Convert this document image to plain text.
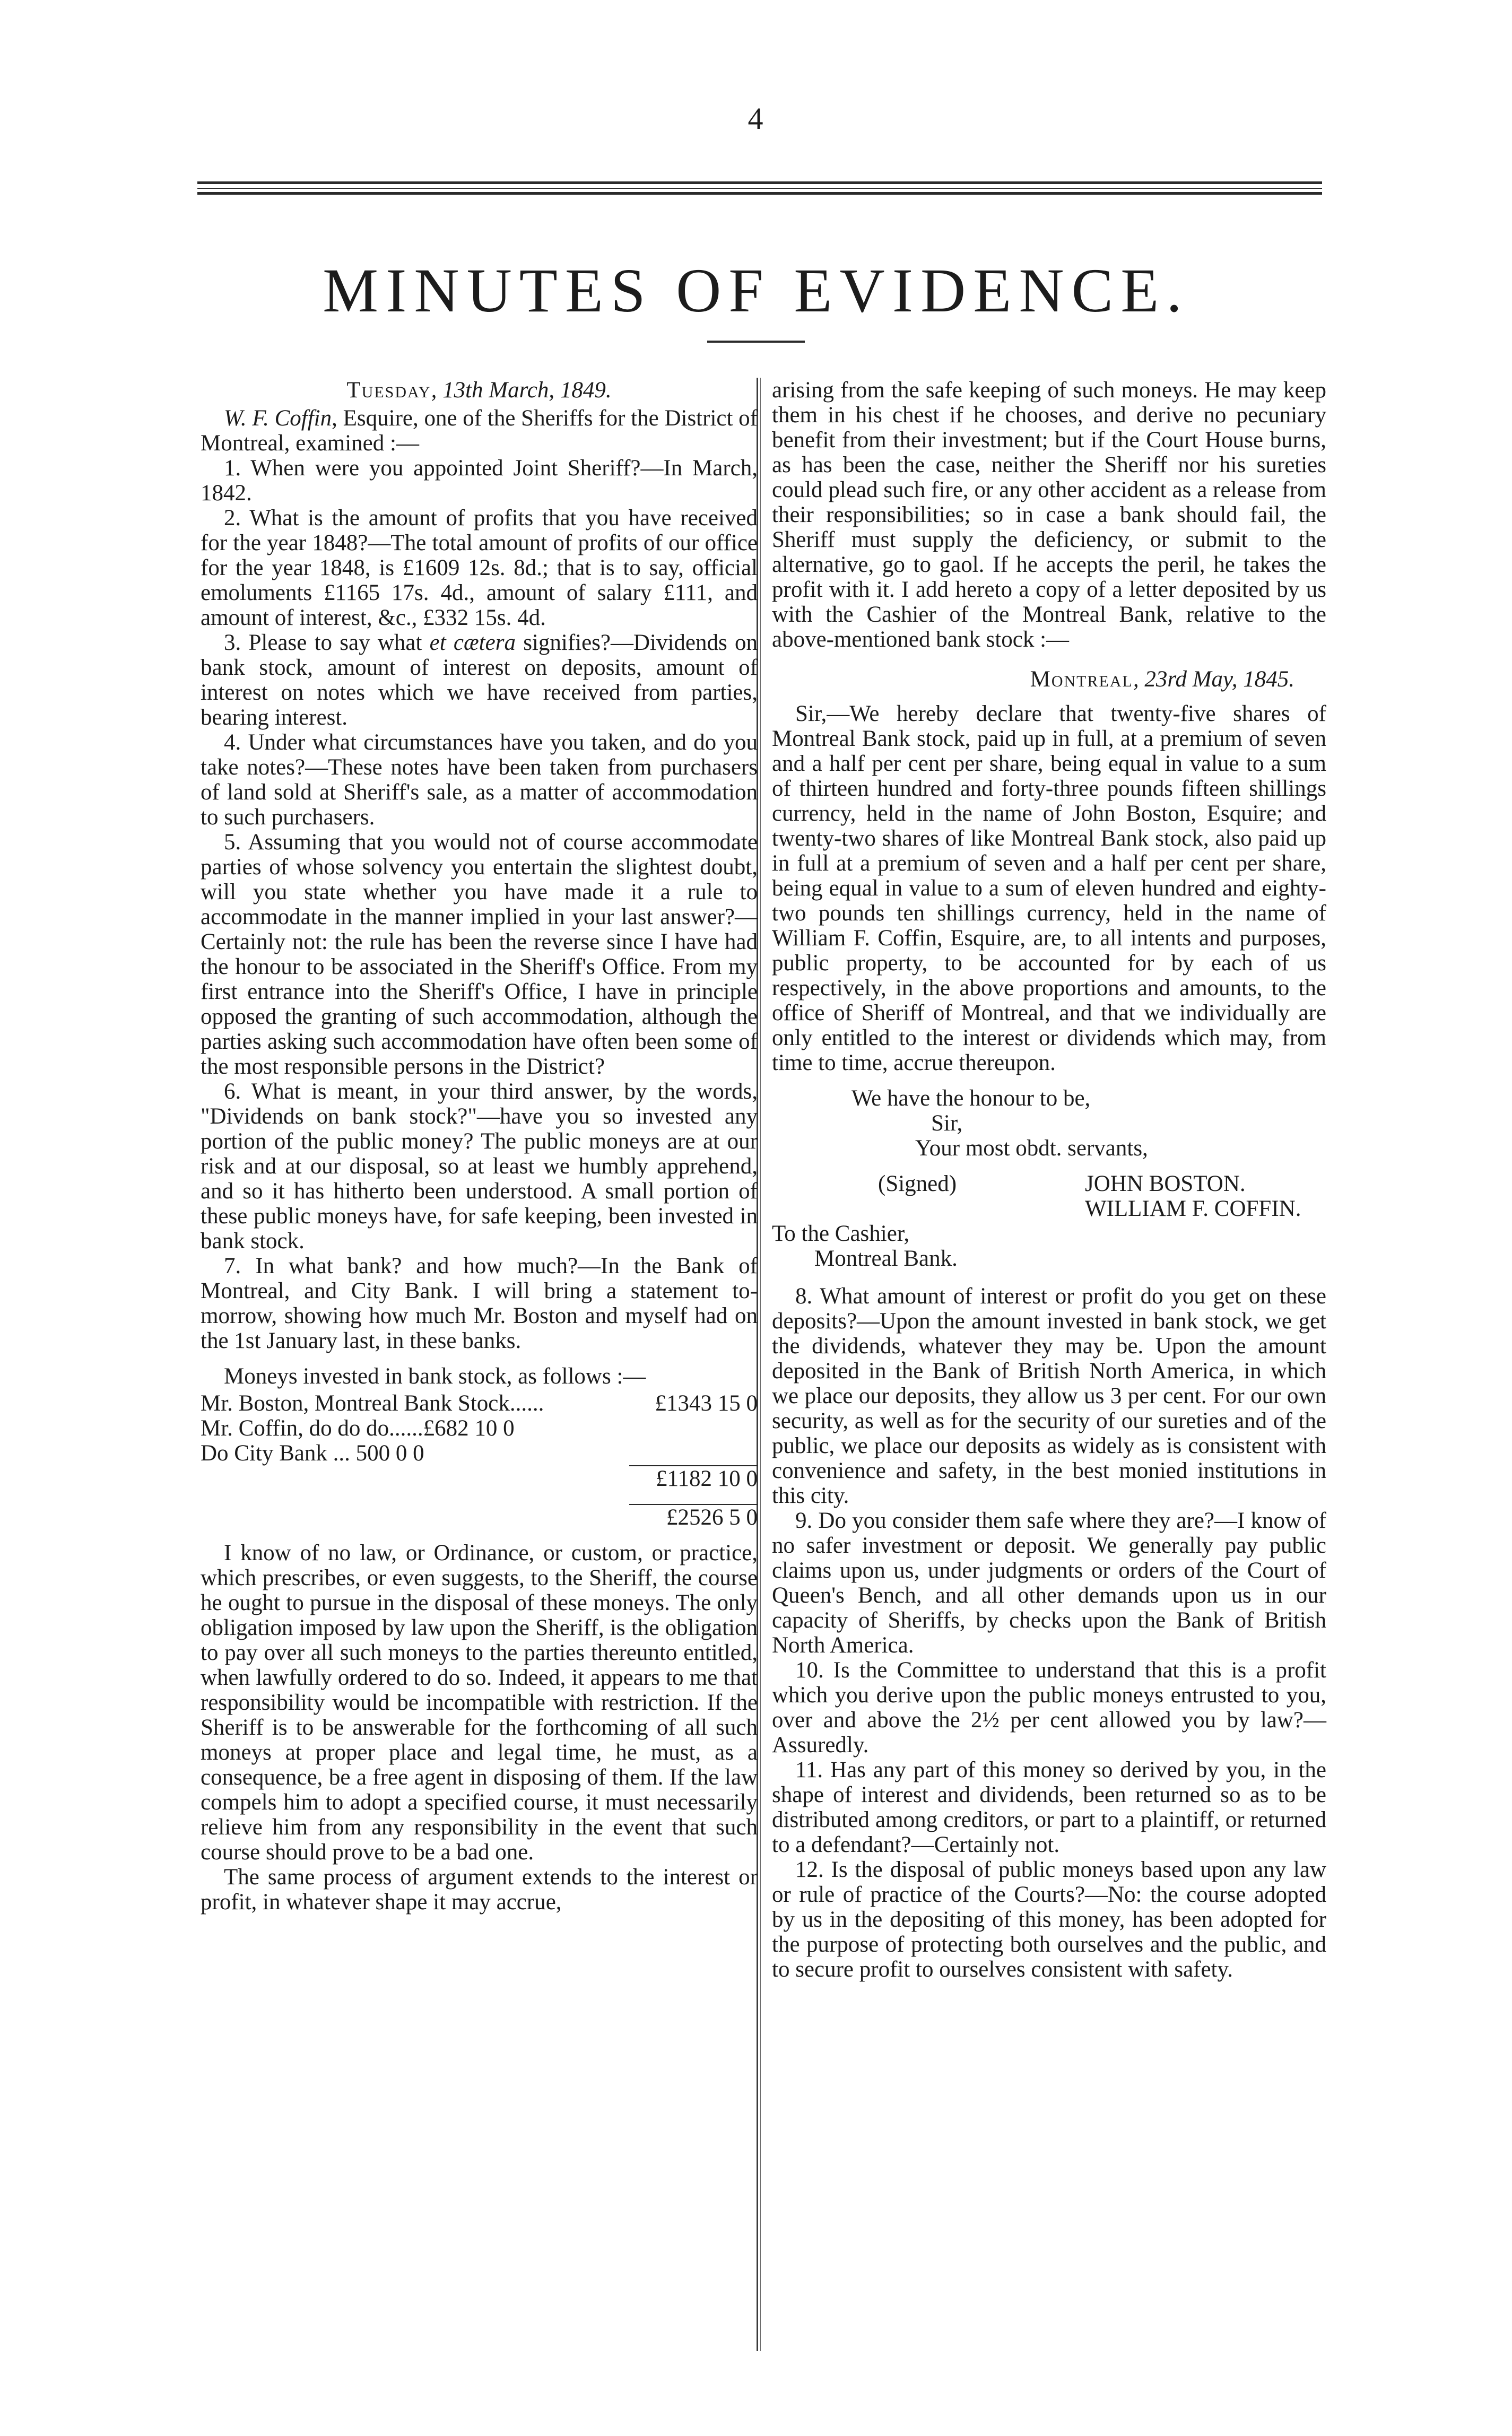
4
MINUTES OF EVIDENCE.

Tuesday, 13th March, 1849.

W. F. Coffin, Esquire, one of the Sheriffs for the District of Montreal, examined :—

1. When were you appointed Joint Sheriff?—In March, 1842.

2. What is the amount of profits that you have received for the year 1848?—The total amount of profits of our office for the year 1848, is £1609 12s. 8d.; that is to say, official emoluments £1165 17s. 4d., amount of salary £111, and amount of interest, &c., £332 15s. 4d.

3. Please to say what et cætera signifies?—Dividends on bank stock, amount of interest on deposits, amount of interest on notes which we have received from parties, bearing interest.

4. Under what circumstances have you taken, and do you take notes?—These notes have been taken from purchasers of land sold at Sheriff's sale, as a matter of accommodation to such purchasers.

5. Assuming that you would not of course accommodate parties of whose solvency you entertain the slightest doubt, will you state whether you have made it a rule to accommodate in the manner implied in your last answer?—Certainly not: the rule has been the reverse since I have had the honour to be associated in the Sheriff's Office. From my first entrance into the Sheriff's Office, I have in principle opposed the granting of such accommodation, although the parties asking such accommodation have often been some of the most responsible persons in the District?

6. What is meant, in your third answer, by the words, "Dividends on bank stock?"—have you so invested any portion of the public money? The public moneys are at our risk and at our disposal, so at least we humbly apprehend, and so it has hitherto been understood. A small portion of these public moneys have, for safe keeping, been invested in bank stock.

7. In what bank? and how much?—In the Bank of Montreal, and City Bank. I will bring a statement to-morrow, showing how much Mr. Boston and myself had on the 1st January last, in these banks.

Moneys invested in bank stock, as follows :—

Mr. Boston, Montreal Bank Stock......	£1343 15 0
Mr. Coffin, do do do......£682 10 0	
Do City Bank ... 500 0 0	
	£1182 10 0

	£2526 5 0

I know of no law, or Ordinance, or custom, or practice, which prescribes, or even suggests, to the Sheriff, the course he ought to pursue in the disposal of these moneys. The only obligation imposed by law upon the Sheriff, is the obligation to pay over all such moneys to the parties thereunto entitled, when lawfully ordered to do so. Indeed, it appears to me that responsibility would be incompatible with restriction. If the Sheriff is to be answerable for the forthcoming of all such moneys at proper place and legal time, he must, as a consequence, be a free agent in disposing of them. If the law compels him to adopt a specified course, it must necessarily relieve him from any responsibility in the event that such course should prove to be a bad one.

The same process of argument extends to the interest or profit, in whatever shape it may accrue,

arising from the safe keeping of such moneys. He may keep them in his chest if he chooses, and derive no pecuniary benefit from their investment; but if the Court House burns, as has been the case, neither the Sheriff nor his sureties could plead such fire, or any other accident as a release from their responsibilities; so in case a bank should fail, the Sheriff must supply the deficiency, or submit to the alternative, go to gaol. If he accepts the peril, he takes the profit with it. I add hereto a copy of a letter deposited by us with the Cashier of the Montreal Bank, relative to the above-mentioned bank stock :—

Montreal, 23rd May, 1845.

Sir,—We hereby declare that twenty-five shares of Montreal Bank stock, paid up in full, at a premium of seven and a half per cent per share, being equal in value to a sum of thirteen hundred and forty-three pounds fifteen shillings currency, held in the name of John Boston, Esquire; and twenty-two shares of like Montreal Bank stock, also paid up in full at a premium of seven and a half per cent per share, being equal in value to a sum of eleven hundred and eighty-two pounds ten shillings currency, held in the name of William F. Coffin, Esquire, are, to all intents and purposes, public property, to be accounted for by each of us respectively, in the above proportions and amounts, to the office of Sheriff of Montreal, and that we individually are only entitled to the interest or dividends which may, from time to time, accrue thereupon.

We have the honour to be,

Sir,

Your most obdt. servants,

(Signed)	JOHN BOSTON.
WILLIAM F. COFFIN.

To the Cashier,

Montreal Bank.

8. What amount of interest or profit do you get on these deposits?—Upon the amount invested in bank stock, we get the dividends, whatever they may be. Upon the amount deposited in the Bank of British North America, in which we place our deposits, they allow us 3 per cent. For our own security, as well as for the security of our sureties and of the public, we place our deposits as widely as is consistent with convenience and safety, in the best monied institutions in this city.

9. Do you consider them safe where they are?—I know of no safer investment or deposit. We generally pay public claims upon us, under judgments or orders of the Court of Queen's Bench, and all other demands upon us in our capacity of Sheriffs, by checks upon the Bank of British North America.

10. Is the Committee to understand that this is a profit which you derive upon the public moneys entrusted to you, over and above the 2½ per cent allowed you by law?—Assuredly.

11. Has any part of this money so derived by you, in the shape of interest and dividends, been returned so as to be distributed among creditors, or part to a plaintiff, or returned to a defendant?—Certainly not.

12. Is the disposal of public moneys based upon any law or rule of practice of the Courts?—No: the course adopted by us in the depositing of this money, has been adopted for the purpose of protecting both ourselves and the public, and to secure profit to ourselves consistent with safety.
